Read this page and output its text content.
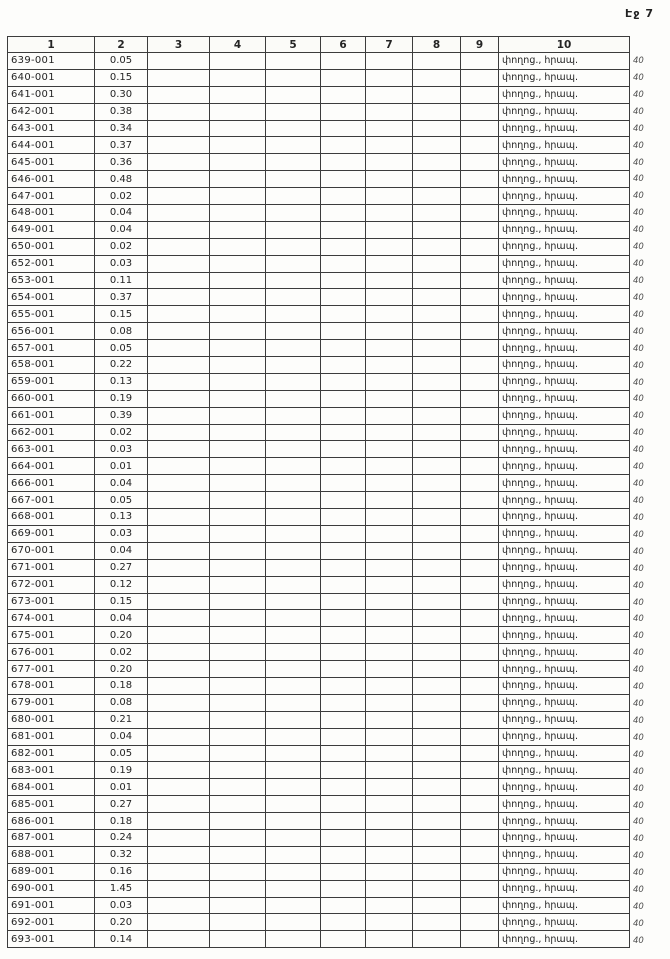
Էջ 7
1	2	3	4	5	6	7	8	9	10
639-001	0.05								փողոց., հրապ.
640-001	0.15								փողոց., հրապ.
641-001	0.30								փողոց., հրապ.
642-001	0.38								փողոց., հրապ.
643-001	0.34								փողոց., հրապ.
644-001	0.37								փողոց., հրապ.
645-001	0.36								փողոց., հրապ.
646-001	0.48								փողոց., հրապ.
647-001	0.02								փողոց., հրապ.
648-001	0.04								փողոց., հրապ.
649-001	0.04								փողոց., հրապ.
650-001	0.02								փողոց., հրապ.
652-001	0.03								փողոց., հրապ.
653-001	0.11								փողոց., հրապ.
654-001	0.37								փողոց., հրապ.
655-001	0.15								փողոց., հրապ.
656-001	0.08								փողոց., հրապ.
657-001	0.05								փողոց., հրապ.
658-001	0.22								փողոց., հրապ.
659-001	0.13								փողոց., հրապ.
660-001	0.19								փողոց., հրապ.
661-001	0.39								փողոց., հրապ.
662-001	0.02								փողոց., հրապ.
663-001	0.03								փողոց., հրապ.
664-001	0.01								փողոց., հրապ.
666-001	0.04								փողոց., հրապ.
667-001	0.05								փողոց., հրապ.
668-001	0.13								փողոց., հրապ.
669-001	0.03								փողոց., հրապ.
670-001	0.04								փողոց., հրապ.
671-001	0.27								փողոց., հրապ.
672-001	0.12								փողոց., հրապ.
673-001	0.15								փողոց., հրապ.
674-001	0.04								փողոց., հրապ.
675-001	0.20								փողոց., հրապ.
676-001	0.02								փողոց., հրապ.
677-001	0.20								փողոց., հրապ.
678-001	0.18								փողոց., հրապ.
679-001	0.08								փողոց., հրապ.
680-001	0.21								փողոց., հրապ.
681-001	0.04								փողոց., հրապ.
682-001	0.05								փողոց., հրապ.
683-001	0.19								փողոց., հրապ.
684-001	0.01								փողոց., հրապ.
685-001	0.27								փողոց., հրապ.
686-001	0.18								փողոց., հրապ.
687-001	0.24								փողոց., հրապ.
688-001	0.32								փողոց., հրապ.
689-001	0.16								փողոց., հրապ.
690-001	1.45								փողոց., հրապ.
691-001	0.03								փողոց., հրապ.
692-001	0.20								փողոց., հրապ.
693-001	0.14								փողոց., հրապ.
40
40
40
40
40
40
40
40
40
40
40
40
40
40
40
40
40
40
40
40
40
40
40
40
40
40
40
40
40
40
40
40
40
40
40
40
40
40
40
40
40
40
40
40
40
40
40
40
40
40
40
40
40
